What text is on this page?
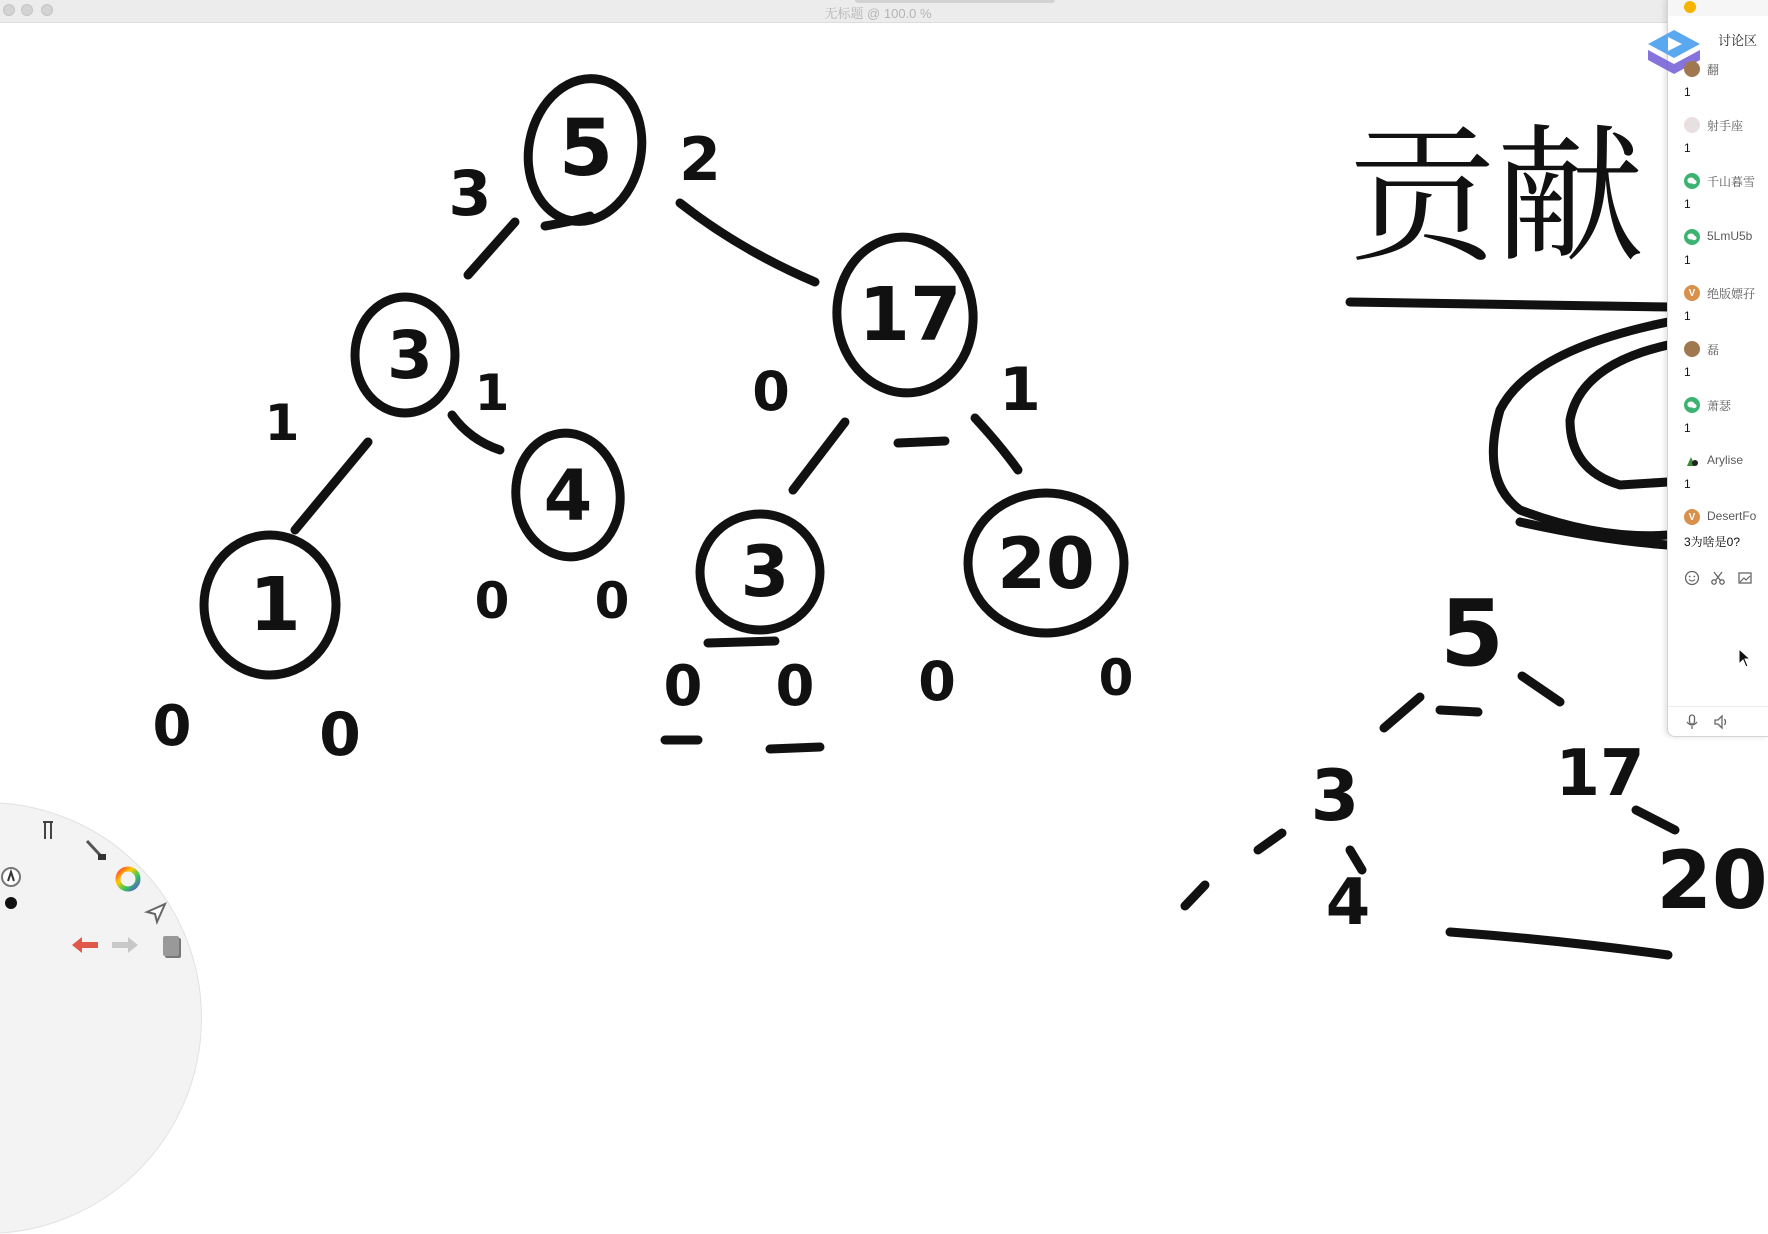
无标题 @ 100.0 %
5
3
4
1
17
3	20
3	2
1
1	0	1
0 0
0 0
0 0 0	0
贡献
5
3	17
4	20
讨论区
翻
1
射手座
1
千山暮雪
1
5LmU5b
1
V 绝版嫖孖
1
磊
1
萧瑟
1
Arylise
1
V DesertFo
3为啥是0?
